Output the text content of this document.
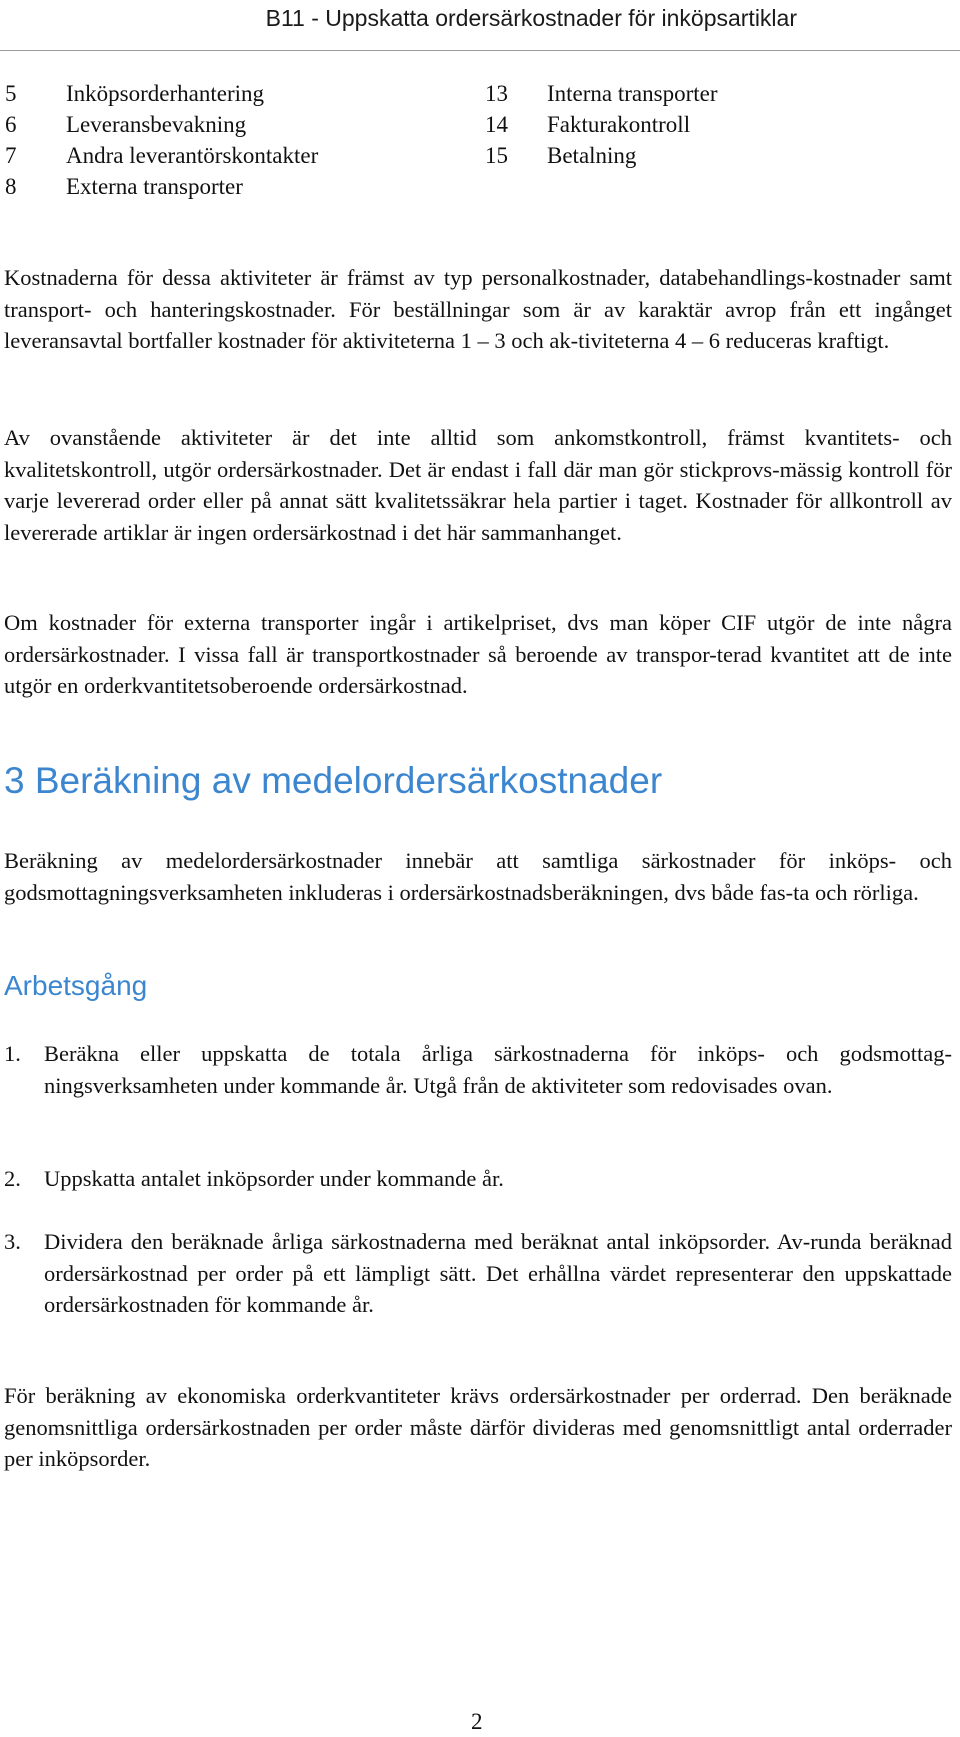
B11 - Uppskatta ordersärkostnader för inköpsartiklar
5	Inköpsorderhantering
6	Leveransbevakning
7	Andra leverantörskontakter
8	Externa transporter
13	Interna transporter
14	Fakturakontroll
15	Betalning

Kostnaderna för dessa aktiviteter är främst av typ personalkostnader, databehandlings-kostnader samt transport- och hanteringskostnader. För beställningar som är av karaktär avrop från ett ingånget leveransavtal bortfaller kostnader för aktiviteterna 1 – 3 och ak-tiviteterna 4 – 6 reduceras kraftigt.

Av ovanstående aktiviteter är det inte alltid som ankomstkontroll, främst kvantitets- och kvalitetskontroll, utgör ordersärkostnader. Det är endast i fall där man gör stickprovs-mässig kontroll för varje levererad order eller på annat sätt kvalitetssäkrar hela partier i taget. Kostnader för allkontroll av levererade artiklar är ingen ordersärkostnad i det här sammanhanget.

Om kostnader för externa transporter ingår i artikelpriset, dvs man köper CIF utgör de inte några ordersärkostnader. I vissa fall är transportkostnader så beroende av transpor-terad kvantitet att de inte utgör en orderkvantitetsoberoende ordersärkostnad.

3 Beräkning av medelordersärkostnader

Beräkning av medelordersärkostnader innebär att samtliga särkostnader för inköps- och godsmottagningsverksamheten inkluderas i ordersärkostnadsberäkningen, dvs både fas-ta och rörliga.

Arbetsgång
1.	Beräkna eller uppskatta de totala årliga särkostnaderna för inköps- och godsmottag-ningsverksamheten under kommande år. Utgå från de aktiviteter som redovisades ovan.
2.	Uppskatta antalet inköpsorder under kommande år.
3.	Dividera den beräknade årliga särkostnaderna med beräknat antal inköpsorder. Av-runda beräknad ordersärkostnad per order på ett lämpligt sätt. Det erhållna värdet representerar den uppskattade ordersärkostnaden för kommande år.

För beräkning av ekonomiska orderkvantiteter krävs ordersärkostnader per orderrad. Den beräknade genomsnittliga ordersärkostnaden per order måste därför divideras med genomsnittligt antal orderrader per inköpsorder.

2
